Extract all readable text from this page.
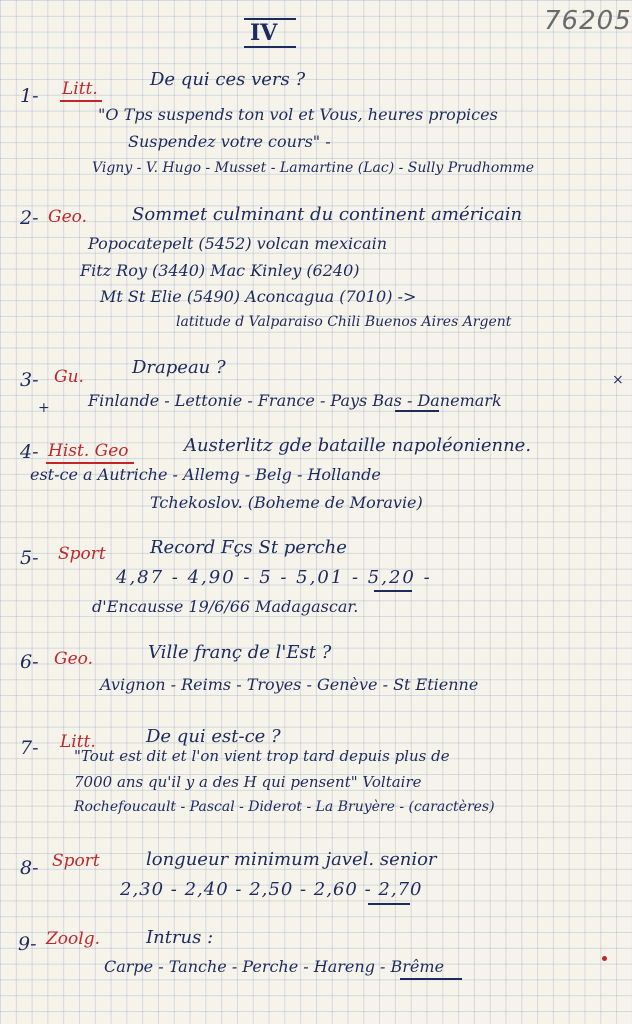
76205
IV
1- Litt.	De qui ces vers ?
"O Tps suspends ton vol et Vous, heures propices
Suspendez votre cours" -
Vigny - V. Hugo - Musset - Lamartine (Lac) - Sully Prudhomme
2- Geo.	Sommet culminant du continent américain
Popocatepelt (5452) volcan mexicain
Fitz Roy (3440) Mac Kinley (6240)
Mt St Elie (5490) Aconcagua (7010) ->
latitude d Valparaiso Chili Buenos Aires Argent
3- Gu.	Drapeau ?
Finlande - Lettonie - France - Pays Bas - Danemark
4- Hist. Geo	Austerlitz gde bataille napoléonienne.
est-ce a Autriche - Allemg - Belg - Hollande
Tchekoslov. (Boheme de Moravie)
5- Sport Record Fçs St perche
4,87 - 4,90 - 5 - 5,01 - 5,20 -
d'Encausse 19/6/66 Madagascar.
6- Geo.	Ville franç de l'Est ?
Avignon - Reims - Troyes - Genève - St Etienne
7- Litt.	De qui est-ce ?
"Tout est dit et l'on vient trop tard depuis plus de
7000 ans qu'il y a des H qui pensent" Voltaire
Rochefoucault - Pascal - Diderot - La Bruyère - (caractères)
8- Sport	longueur minimum javel. senior
2,30 - 2,40 - 2,50 - 2,60 - 2,70
9- Zoolg.	Intrus :
Carpe - Tanche - Perche - Hareng - Brême
×
+
